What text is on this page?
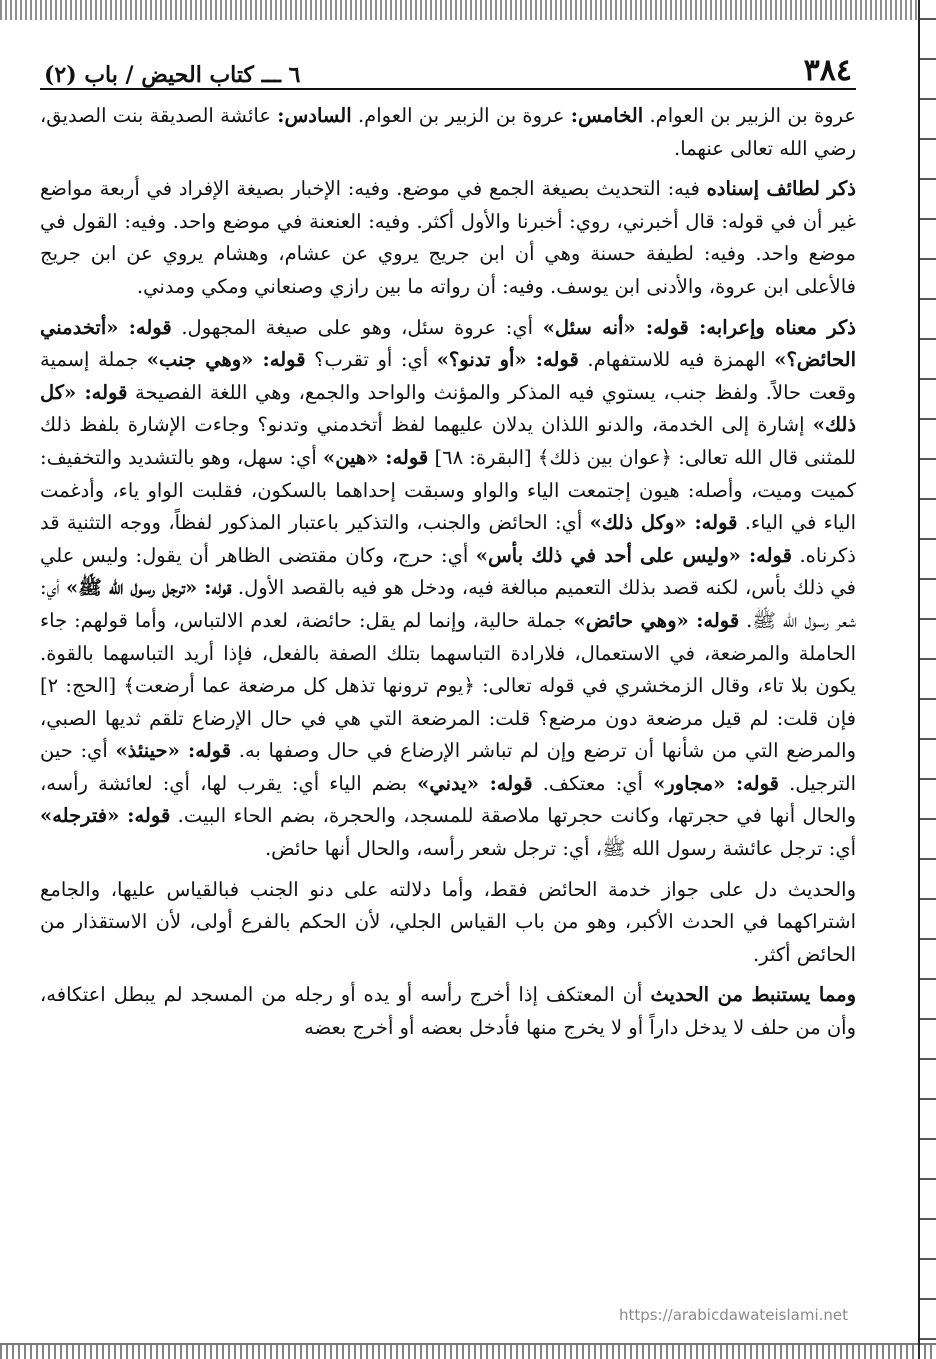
٣٨٤
٦ ـــ كتاب الحيض / باب (٢)

عروة بن الزبير بن العوام. الخامس: عروة بن الزبير بن العوام. السادس: عائشة الصديقة بنت الصديق، رضي الله تعالى عنهما.

ذكر لطائف إسناده فيه: التحديث بصيغة الجمع في موضع. وفيه: الإخبار بصيغة الإفراد في أربعة مواضع غير أن في قوله: قال أخبرني، روي: أخبرنا والأول أكثر. وفيه: العنعنة في موضع واحد. وفيه: القول في موضع واحد. وفيه: لطيفة حسنة وهي أن ابن جريج يروي عن عشام، وهشام يروي عن ابن جريج فالأعلى ابن عروة، والأدنى ابن يوسف. وفيه: أن رواته ما بين رازي وصنعاني ومكي ومدني.

ذكر معناه وإعرابه: قوله: «أنه سئل» أي: عروة سئل، وهو على صيغة المجهول. قوله: «أتخدمني الحائض؟» الهمزة فيه للاستفهام. قوله: «أو تدنو؟» أي: أو تقرب؟ قوله: «وهي جنب» جملة إسمية وقعت حالاً. ولفظ جنب، يستوي فيه المذكر والمؤنث والواحد والجمع، وهي اللغة الفصيحة قوله: «كل ذلك» إشارة إلى الخدمة، والدنو اللذان يدلان عليهما لفظ أتخدمني وتدنو؟ وجاءت الإشارة بلفظ ذلك للمثنى قال الله تعالى: ﴿عوان بين ذلك﴾ [البقرة: ٦٨] قوله: «هين» أي: سهل، وهو بالتشديد والتخفيف: كميت وميت، وأصله: هيون إجتمعت الياء والواو وسبقت إحداهما بالسكون، فقلبت الواو ياء، وأدغمت الياء في الياء. قوله: «وكل ذلك» أي: الحائض والجنب، والتذكير باعتبار المذكور لفظاً، ووجه التثنية قد ذكرناه. قوله: «وليس على أحد في ذلك بأس» أي: حرج، وكان مقتضى الظاهر أن يقول: وليس علي في ذلك بأس، لكنه قصد بذلك التعميم مبالغة فيه، ودخل هو فيه بالقصد الأول. قوله: «ترجل رسول الله ﷺ» أي: شعر رسول الله ﷺ. قوله: «وهي حائض» جملة حالية، وإنما لم يقل: حائضة، لعدم الالتباس، وأما قولهم: جاء الحاملة والمرضعة، في الاستعمال، فلارادة التباسهما بتلك الصفة بالفعل، فإذا أريد التباسهما بالقوة. يكون بلا تاء، وقال الزمخشري في قوله تعالى: ﴿يوم ترونها تذهل كل مرضعة عما أرضعت﴾ [الحج: ٢] فإن قلت: لم قيل مرضعة دون مرضع؟ قلت: المرضعة التي هي في حال الإرضاع تلقم ثديها الصبي، والمرضع التي من شأنها أن ترضع وإن لم تباشر الإرضاع في حال وصفها به. قوله: «حينئذ» أي: حين الترجيل. قوله: «مجاور» أي: معتكف. قوله: «يدني» بضم الياء أي: يقرب لها، أي: لعائشة رأسه، والحال أنها في حجرتها، وكانت حجرتها ملاصقة للمسجد، والحجرة، بضم الحاء البيت. قوله: «فترجله» أي: ترجل عائشة رسول الله ﷺ، أي: ترجل شعر رأسه، والحال أنها حائض.

والحديث دل على جواز خدمة الحائض فقط، وأما دلالته على دنو الجنب فبالقياس عليها، والجامع اشتراكهما في الحدث الأكبر، وهو من باب القياس الجلي، لأن الحكم بالفرع أولى، لأن الاستقذار من الحائض أكثر.

ومما يستنبط من الحديث أن المعتكف إذا أخرج رأسه أو يده أو رجله من المسجد لم يبطل اعتكافه، وأن من حلف لا يدخل داراً أو لا يخرج منها فأدخل بعضه أو أخرج بعضه

https://arabicdawateislami.net
